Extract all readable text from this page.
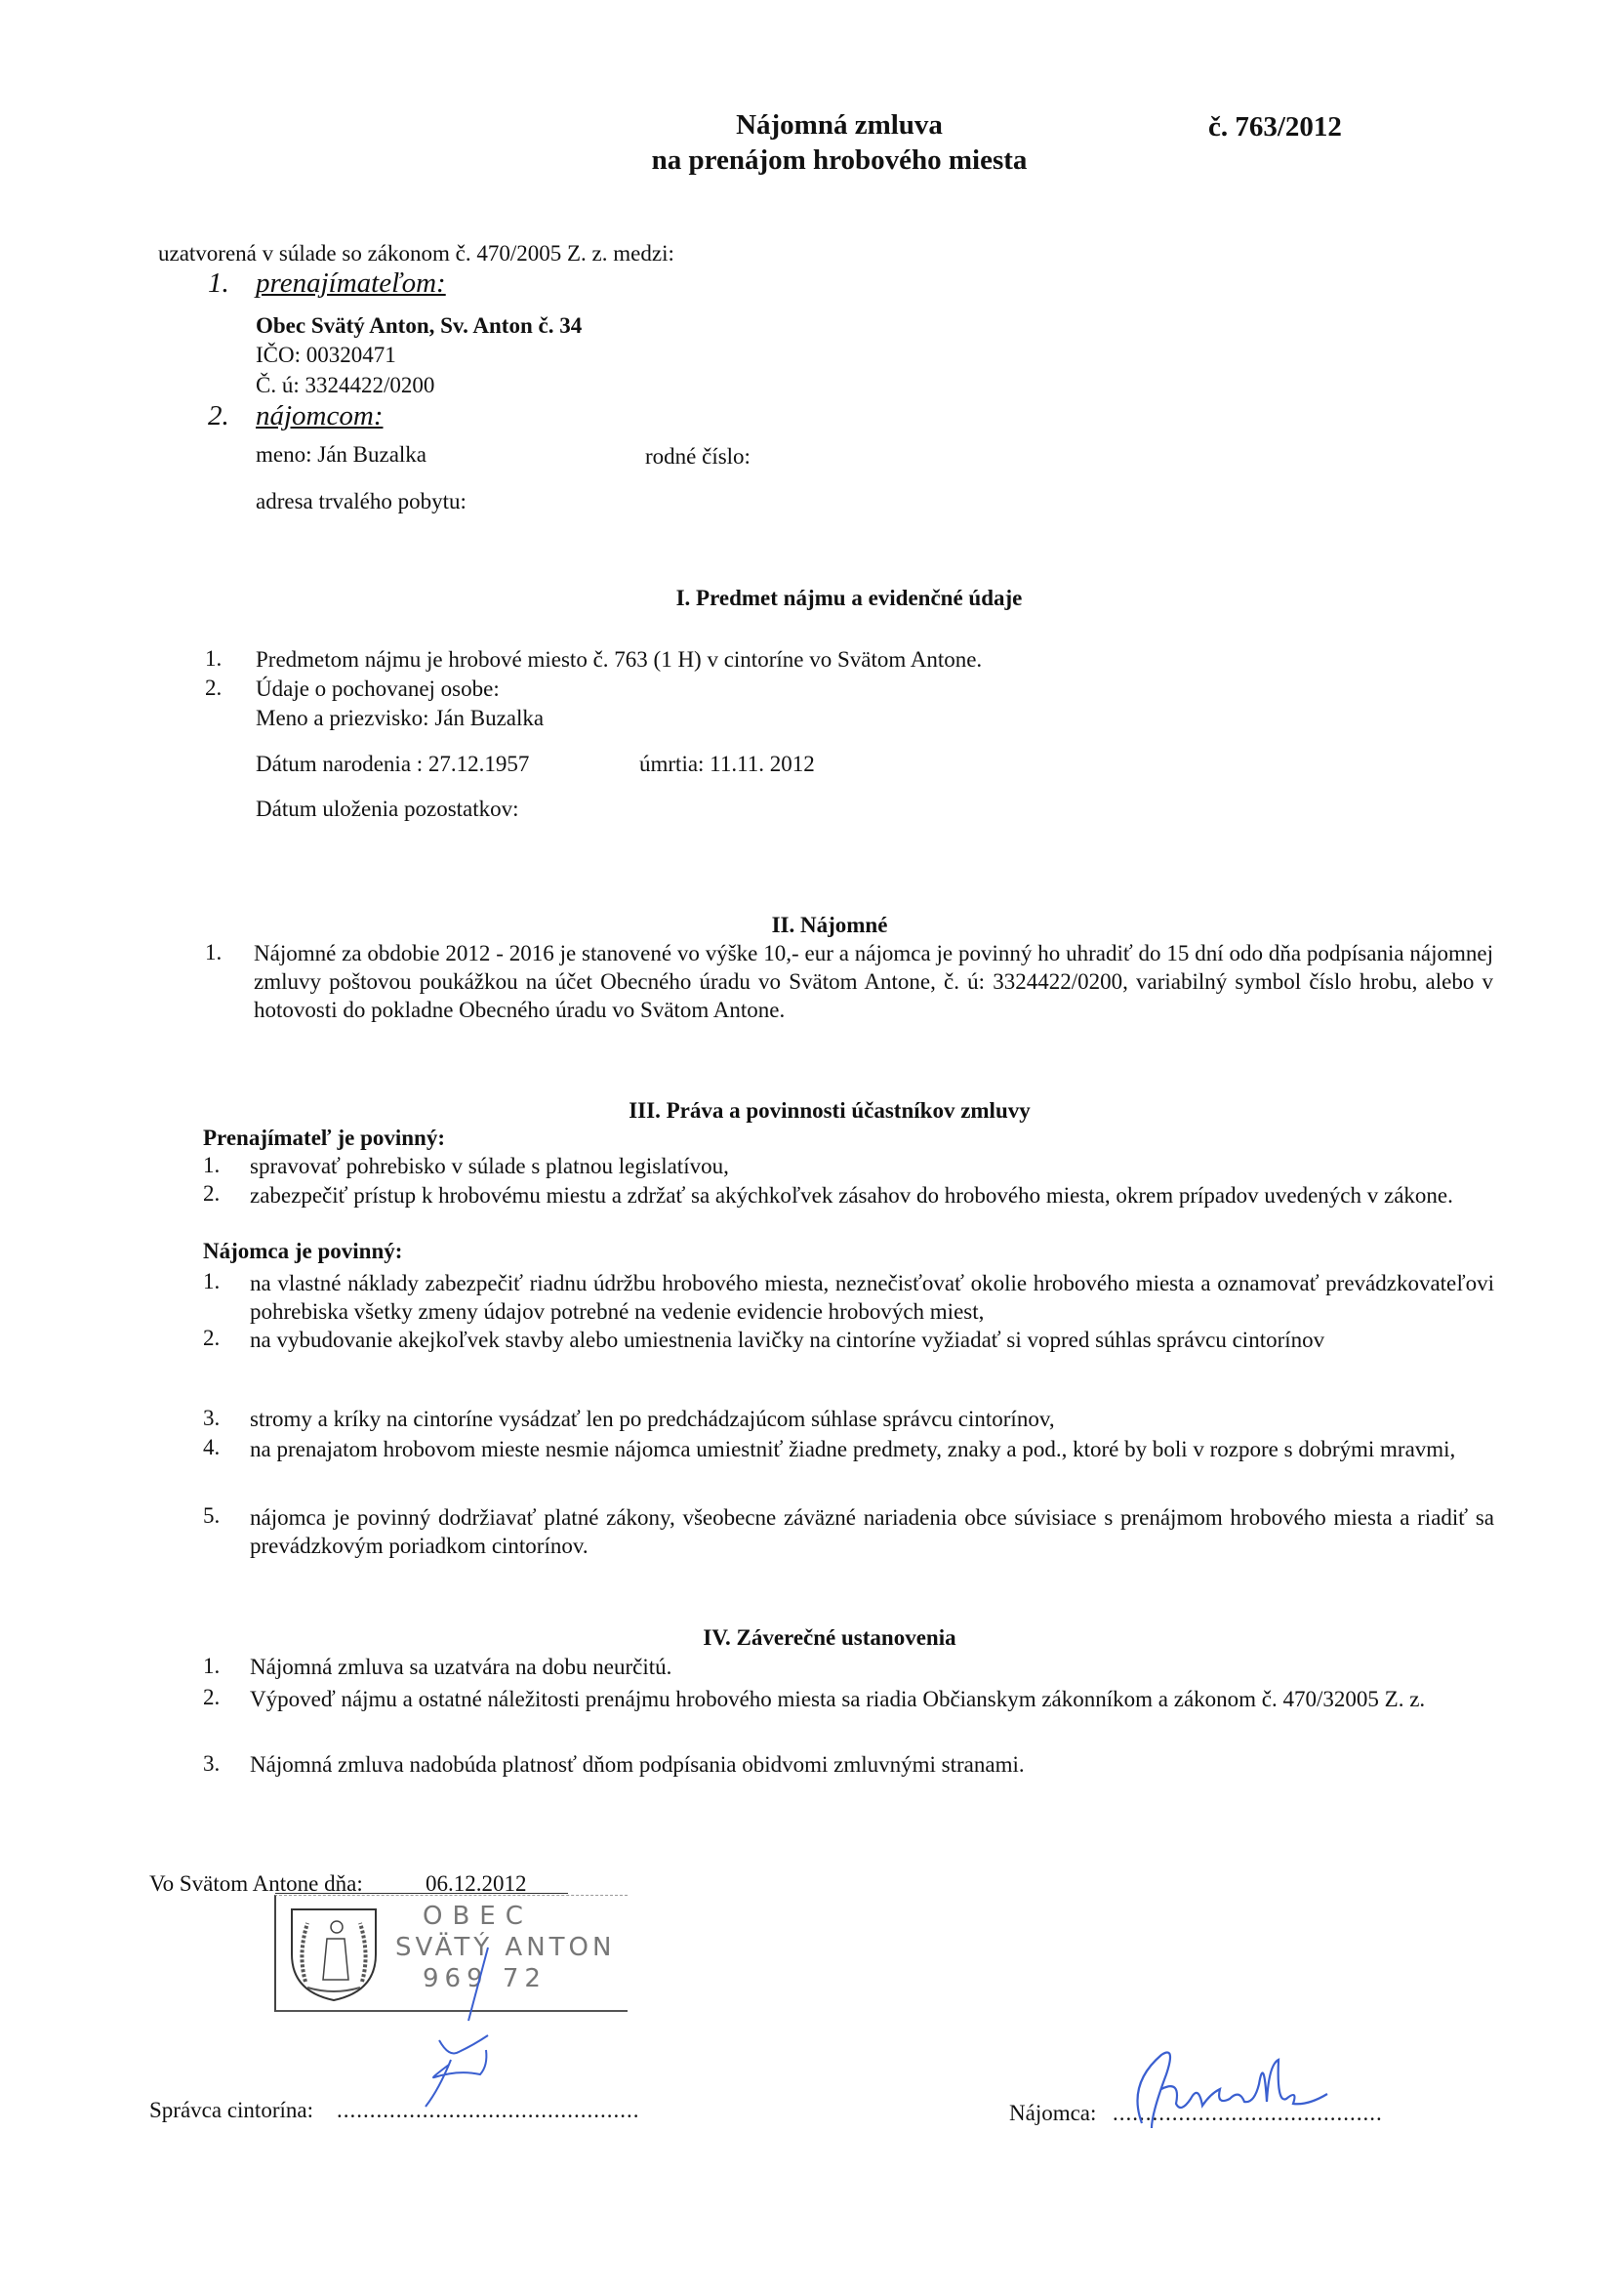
Nájomná zmluva
na prenájom hrobového miesta
č. 763/2012
uzatvorená v súlade so zákonom č. 470/2005 Z. z. medzi:
1. prenajímateľom:
Obec Svätý Anton, Sv. Anton č. 34
IČO: 00320471
Č. ú: 3324422/0200
2. nájomcom:
meno: Ján Buzalka	rodné číslo:
adresa trvalého pobytu:
I. Predmet nájmu a evidenčné údaje
1. Predmetom nájmu je hrobové miesto č. 763 (1 H) v cintoríne vo Svätom Antone.
2. Údaje o pochovanej osobe:
Meno a priezvisko: Ján Buzalka
Dátum narodenia : 27.12.1957	úmrtia: 11.11. 2012
Dátum uloženia pozostatkov:
II. Nájomné
1. Nájomné za obdobie 2012 - 2016 je stanovené vo výške 10,- eur a nájomca je povinný ho uhradiť do 15 dní odo dňa podpísania nájomnej zmluvy poštovou poukážkou na účet Obecného úradu vo Svätom Antone, č. ú: 3324422/0200, variabilný symbol číslo hrobu, alebo v hotovosti do pokladne Obecného úradu vo Svätom Antone.
III. Práva a povinnosti účastníkov zmluvy
Prenajímateľ je povinný:
1. spravovať pohrebisko v súlade s platnou legislatívou,
2. zabezpečiť prístup k hrobovému miestu a zdržať sa akýchkoľvek zásahov do hrobového miesta, okrem prípadov uvedených v zákone.
Nájomca je povinný:
1. na vlastné náklady zabezpečiť riadnu údržbu hrobového miesta, neznečisťovať okolie hrobového miesta a oznamovať prevádzkovateľovi pohrebiska všetky zmeny údajov potrebné na vedenie evidencie hrobových miest,
2. na vybudovanie akejkoľvek stavby alebo umiestnenia lavičky na cintoríne vyžiadať si vopred súhlas správcu cintorínov
3. stromy a kríky na cintoríne vysádzať len po predchádzajúcom súhlase správcu cintorínov,
4. na prenajatom hrobovom mieste nesmie nájomca umiestniť žiadne predmety, znaky a pod., ktoré by boli v rozpore s dobrými mravmi,
5. nájomca je povinný dodržiavať platné zákony, všeobecne záväzné nariadenia obce súvisiace s prenájmom hrobového miesta a riadiť sa prevádzkovým poriadkom cintorínov.
IV. Záverečné ustanovenia
1. Nájomná zmluva sa uzatvára na dobu neurčitú.
2. Výpoveď nájmu a ostatné náležitosti prenájmu hrobového miesta sa riadia Občianskym zákonníkom a zákonom č. 470/32005 Z. z.
3. Nájomná zmluva nadobúda platnosť dňom podpísania obidvomi zmluvnými stranami.
Vo Svätom Antone dňa:	06.12.2012
OBEC
SVÄTÝ ANTON
969 72
Správca cintorína: ..............................................	Nájomca: .........................................
